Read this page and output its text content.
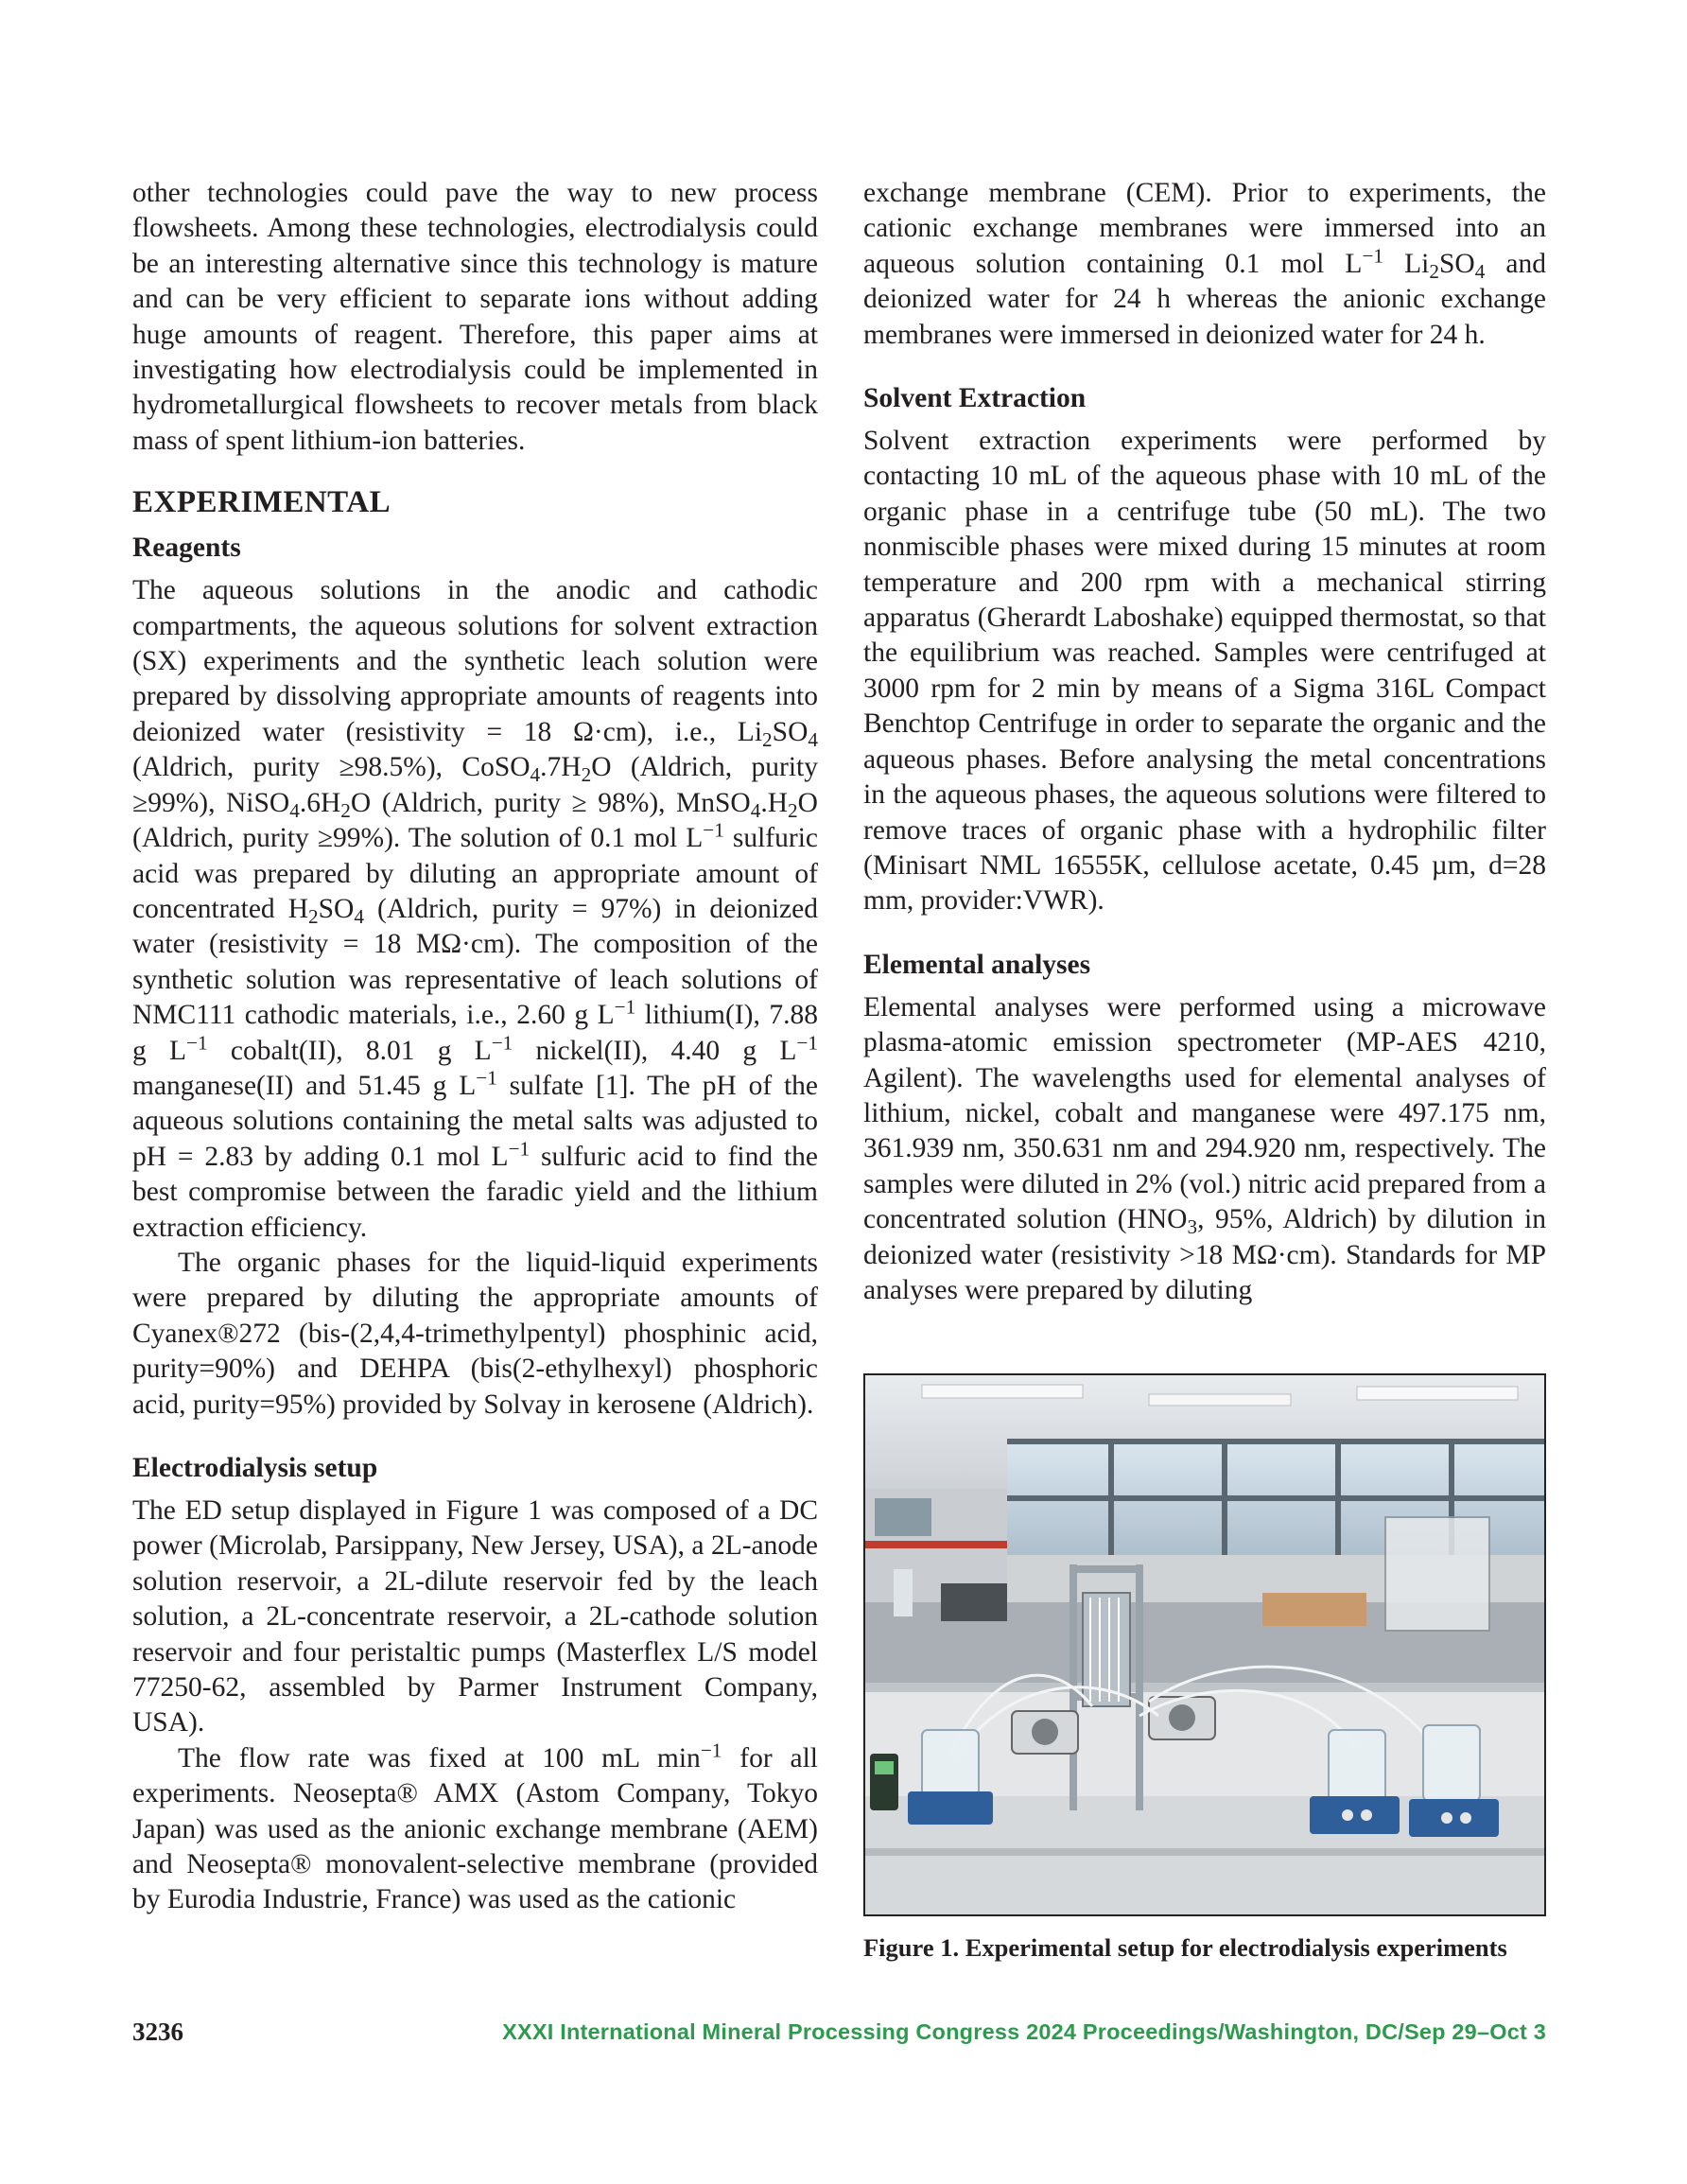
other technologies could pave the way to new process flowsheets. Among these technologies, electrodialysis could be an interesting alternative since this technology is mature and can be very efficient to separate ions without adding huge amounts of reagent. Therefore, this paper aims at investigating how electrodialysis could be implemented in hydrometallurgical flowsheets to recover metals from black mass of spent lithium-ion batteries.

EXPERIMENTAL
Reagents

The aqueous solutions in the anodic and cathodic compartments, the aqueous solutions for solvent extraction (SX) experiments and the synthetic leach solution were prepared by dissolving appropriate amounts of reagents into deionized water (resistivity = 18 Ω·cm), i.e., $Li_2SO_4$ (Aldrich, purity ≥98.5%), $CoSO_4.7H_2O$ (Aldrich, purity ≥99%), $NiSO_4.6H_2O$ (Aldrich, purity ≥ 98%), $MnSO_4.H_2O$ (Aldrich, purity ≥99%). The solution of 0.1 mol $L^{-1}$ sulfuric acid was prepared by diluting an appropriate amount of concentrated $H_2SO_4$ (Aldrich, purity = 97%) in deionized water (resistivity = 18 MΩ·cm). The composition of the synthetic solution was representative of leach solutions of NMC111 cathodic materials, i.e., 2.60 g $L^{-1}$ lithium(I), 7.88 g $L^{-1}$ cobalt(II), 8.01 g $L^{-1}$ nickel(II), 4.40 g $L^{-1}$ manganese(II) and 51.45 g $L^{-1}$ sulfate [1]. The pH of the aqueous solutions containing the metal salts was adjusted to pH = 2.83 by adding 0.1 mol $L^{-1}$ sulfuric acid to find the best compromise between the faradic yield and the lithium extraction efficiency.

The organic phases for the liquid-liquid experiments were prepared by diluting the appropriate amounts of Cyanex®272 (bis-(2,4,4-trimethylpentyl) phosphinic acid, purity=90%) and DEHPA (bis(2-ethylhexyl) phosphoric acid, purity=95%) provided by Solvay in kerosene (Aldrich).

Electrodialysis setup

The ED setup displayed in Figure 1 was composed of a DC power (Microlab, Parsippany, New Jersey, USA), a 2L-anode solution reservoir, a 2L-dilute reservoir fed by the leach solution, a 2L-concentrate reservoir, a 2L-cathode solution reservoir and four peristaltic pumps (Masterflex L/S model 77250-62, assembled by Parmer Instrument Company, USA).

The flow rate was fixed at 100 mL $\min^{-1}$ for all experiments. Neosepta® AMX (Astom Company, Tokyo Japan) was used as the anionic exchange membrane (AEM) and Neosepta® monovalent-selective membrane (provided by Eurodia Industrie, France) was used as the cationic

exchange membrane (CEM). Prior to experiments, the cationic exchange membranes were immersed into an aqueous solution containing 0.1 mol $L^{-1}$ $Li_2SO_4$ and deionized water for 24 h whereas the anionic exchange membranes were immersed in deionized water for 24 h.

Solvent Extraction

Solvent extraction experiments were performed by contacting 10 mL of the aqueous phase with 10 mL of the organic phase in a centrifuge tube (50 mL). The two nonmiscible phases were mixed during 15 minutes at room temperature and 200 rpm with a mechanical stirring apparatus (Gherardt Laboshake) equipped thermostat, so that the equilibrium was reached. Samples were centrifuged at 3000 rpm for 2 min by means of a Sigma 316L Compact Benchtop Centrifuge in order to separate the organic and the aqueous phases. Before analysing the metal concentrations in the aqueous phases, the aqueous solutions were filtered to remove traces of organic phase with a hydrophilic filter (Minisart NML 16555K, cellulose acetate, 0.45 µm, d=28 mm, provider:VWR).

Elemental analyses

Elemental analyses were performed using a microwave plasma-atomic emission spectrometer (MP-AES 4210, Agilent). The wavelengths used for elemental analyses of lithium, nickel, cobalt and manganese were 497.175 nm, 361.939 nm, 350.631 nm and 294.920 nm, respectively. The samples were diluted in 2% (vol.) nitric acid prepared from a concentrated solution ($HNO_3$, 95%, Aldrich) by dilution in deionized water (resistivity >18 MΩ·cm). Standards for MP analyses were prepared by diluting

Figure 1. Experimental setup for electrodialysis experiments
3236	XXXI International Mineral Processing Congress 2024 Proceedings/Washington, DC/Sep 29–Oct 3
